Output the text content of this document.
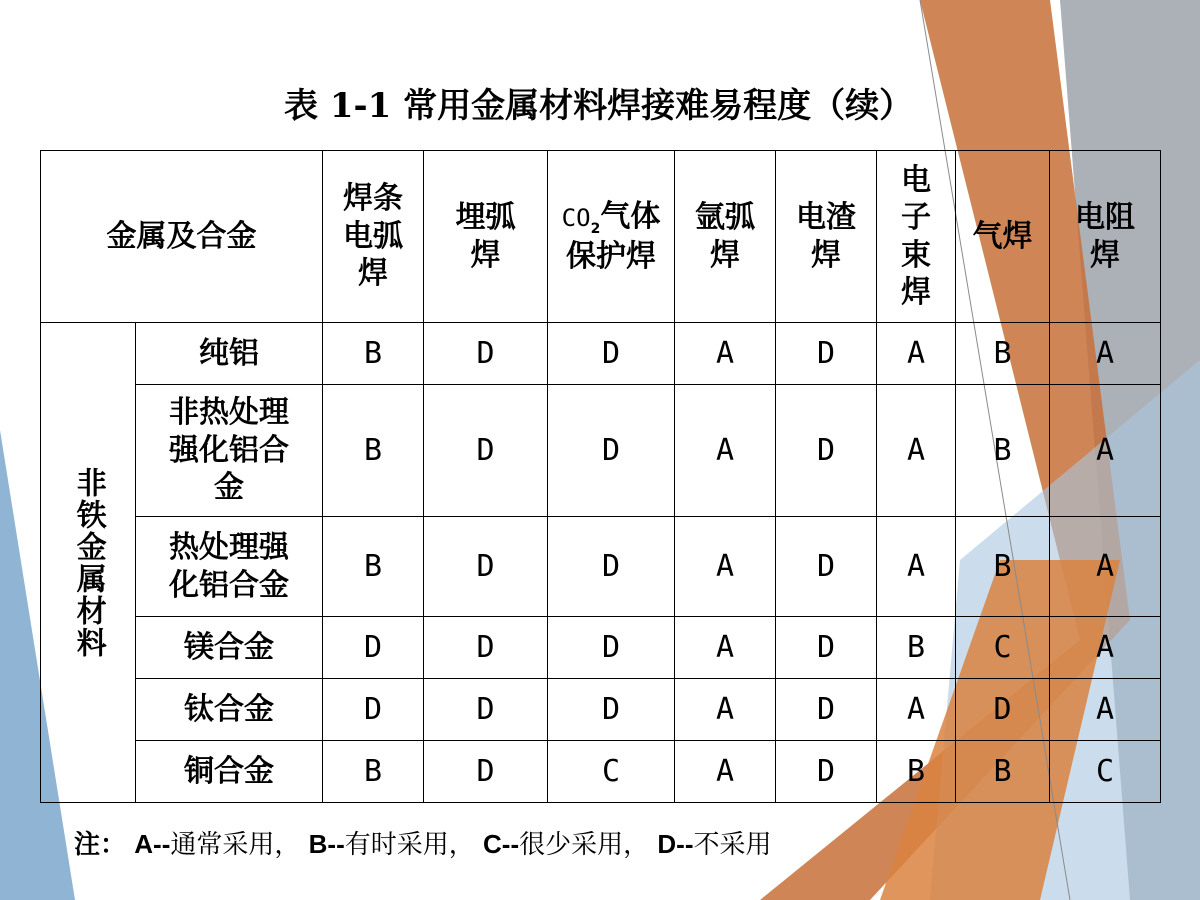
表 1-1 常用金属材料焊接难易程度（续）
金属及合金		焊条电弧焊	埋弧焊	$CO_2$气体保护焊	氩弧焊	电渣焊	电子束焊	气焊	电阻焊

非铁金属材料	纯铝	B	D	D	A	D	A	B	A

	非热处理强化铝合金	B	D	D	A	D	A	B	A

	热处理强化铝合金	B	D	D	A	D	A	B	A
	镁合金	D	D	D	A	D	B	C	A
	钛合金	D	D	D	A	D	A	D	A
	铜合金	B	D	C	A	D	B	B	C
注： A--通常采用， B--有时采用， C--很少采用， D--不采用
